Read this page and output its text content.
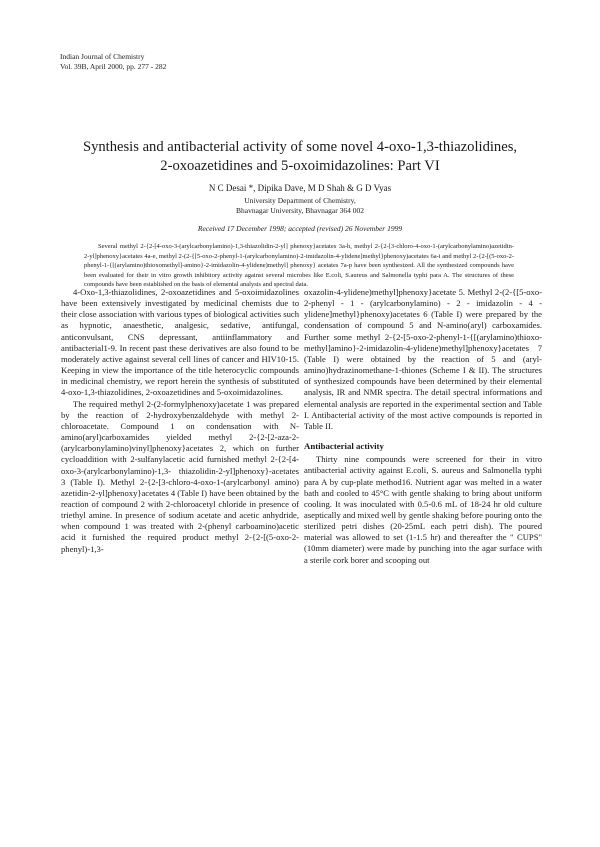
Indian Journal of Chemistry
Vol. 39B, April 2000, pp. 277 - 282
Synthesis and antibacterial activity of some novel 4-oxo-1,3-thiazolidines,
2-oxoazetidines and 5-oxoimidazolines: Part VI
N C Desai *, Dipika Dave, M D Shah & G D Vyas
University Department of Chemistry,
Bhavnagar University, Bhavnagar 364 002
Received 17 December 1998; accepted (revised) 26 November 1999

Several methyl 2-{2-[4-oxo-3-(arylcarbonylamino)-1,3-thiazolidin-2-yl] phenoxy}acetates 3a-h, methyl 2-{2-[3-chloro-4-oxo-1-(arylcarbonylamino)azetidin-2-yl]phenoxy}acetates 4a-e, methyl 2-(2-{[5-oxo-2-phenyl-1-(arylcarbonylamino)-2-imidazolin-4-ylidene]methyl}phenoxy)acetates 6a-i and methyl 2-{2-[(5-oxo-2-phenyl-1-{[(arylamino)thioxomethyl]-amino}-2-imidazolin-4-ylidene)methyl] phenoxy} acetates 7a-p have been synthesized. All the synthesized compounds have been evaluated for their in vitro growth inhibitory activity against several microbes like E.coli, S.aureus and Salmonella typhi para A. The structures of these compounds have been established on the basis of elemental analysis and spectral data.

4-Oxo-1,3-thiazolidines, 2-oxoazetidines and 5-oxoimidazolines have been extensively investigated by medicinal chemists due to their close association with various types of biological activities such as hypnotic, anaesthetic, analgesic, sedative, antifungal, anticonvulsant, CNS depressant, antiinflammatory and antibacterial1-9. In recent past these derivatives are also found to be moderately active against several cell lines of cancer and HIV10-15. Keeping in view the importance of the title heterocyclic compounds in medicinal chemistry, we report herein the synthesis of substituted 4-oxo-1,3-thiazolidines, 2-oxoazetidines and 5-oxoimidazolines.

The required methyl 2-(2-formylphenoxy)acetate 1 was prepared by the reaction of 2-hydroxybenzaldehyde with methyl 2-chloroacetate. Compound 1 on condensation with N-amino(aryl)carboxamides yielded methyl 2-{2-[2-aza-2-(arylcarbonylamino)vinyl]phenoxy}acetates 2, which on further cycloaddition with 2-sulfanylacetic acid furnished methyl 2-{2-[4-oxo-3-(arylcarbonylamino)-1,3- thiazolidin-2-yl]phenoxy}-acetates 3 (Table I). Methyl 2-{2-[3-chloro-4-oxo-1-(arylcarbonyl amino) azetidin-2-yl]phenoxy}acetates 4 (Table I) have been obtained by the reaction of compound 2 with 2-chloroacetyl chloride in presence of triethyl amine. In presence of sodium acetate and acetic anhydride, when compound 1 was treated with 2-(phenyl carboamino)acetic acid it furnished the required product methyl 2-{2-[(5-oxo-2-phenyl)-1,3-

oxazolin-4-ylidene)methyl]phenoxy}acetate 5. Methyl 2-(2-{[5-oxo-2-phenyl - 1 - (arylcarbonylamino) - 2 - imidazolin - 4 - ylidene]methyl}phenoxy)acetates 6 (Table I) were prepared by the condensation of compound 5 and N-amino(aryl) carboxamides. Further some methyl 2-{2-[5-oxo-2-phenyl-1-{[(arylamino)thioxo-methyl]amino}-2-imidazolin-4-ylidene)methyl]phenoxy}acetates 7 (Table I) were obtained by the reaction of 5 and (aryl-amino)hydrazinomethane-1-thiones (Scheme I & II). The structures of synthesized compounds have been determined by their elemental analysis, IR and NMR spectra. The detail spectral informations and elemental analysis are reported in the experimental section and Table I. Antibacterial activity of the most active compounds is reported in Table II.

Antibacterial activity

Thirty nine compounds were screened for their in vitro antibacterial activity against E.coli, S. aureus and Salmonella typhi para A by cup-plate method16. Nutrient agar was melted in a water bath and cooled to 45°C with gentle shaking to bring about uniform cooling. It was inoculated with 0.5-0.6 mL of 18-24 hr old culture aseptically and mixed well by gentle shaking before pouring onto the sterilized petri dishes (20-25mL each petri dish). The poured material was allowed to set (1-1.5 hr) and thereafter the " CUPS" (10mm diameter) were made by punching into the agar surface with a sterile cork borer and scooping out
